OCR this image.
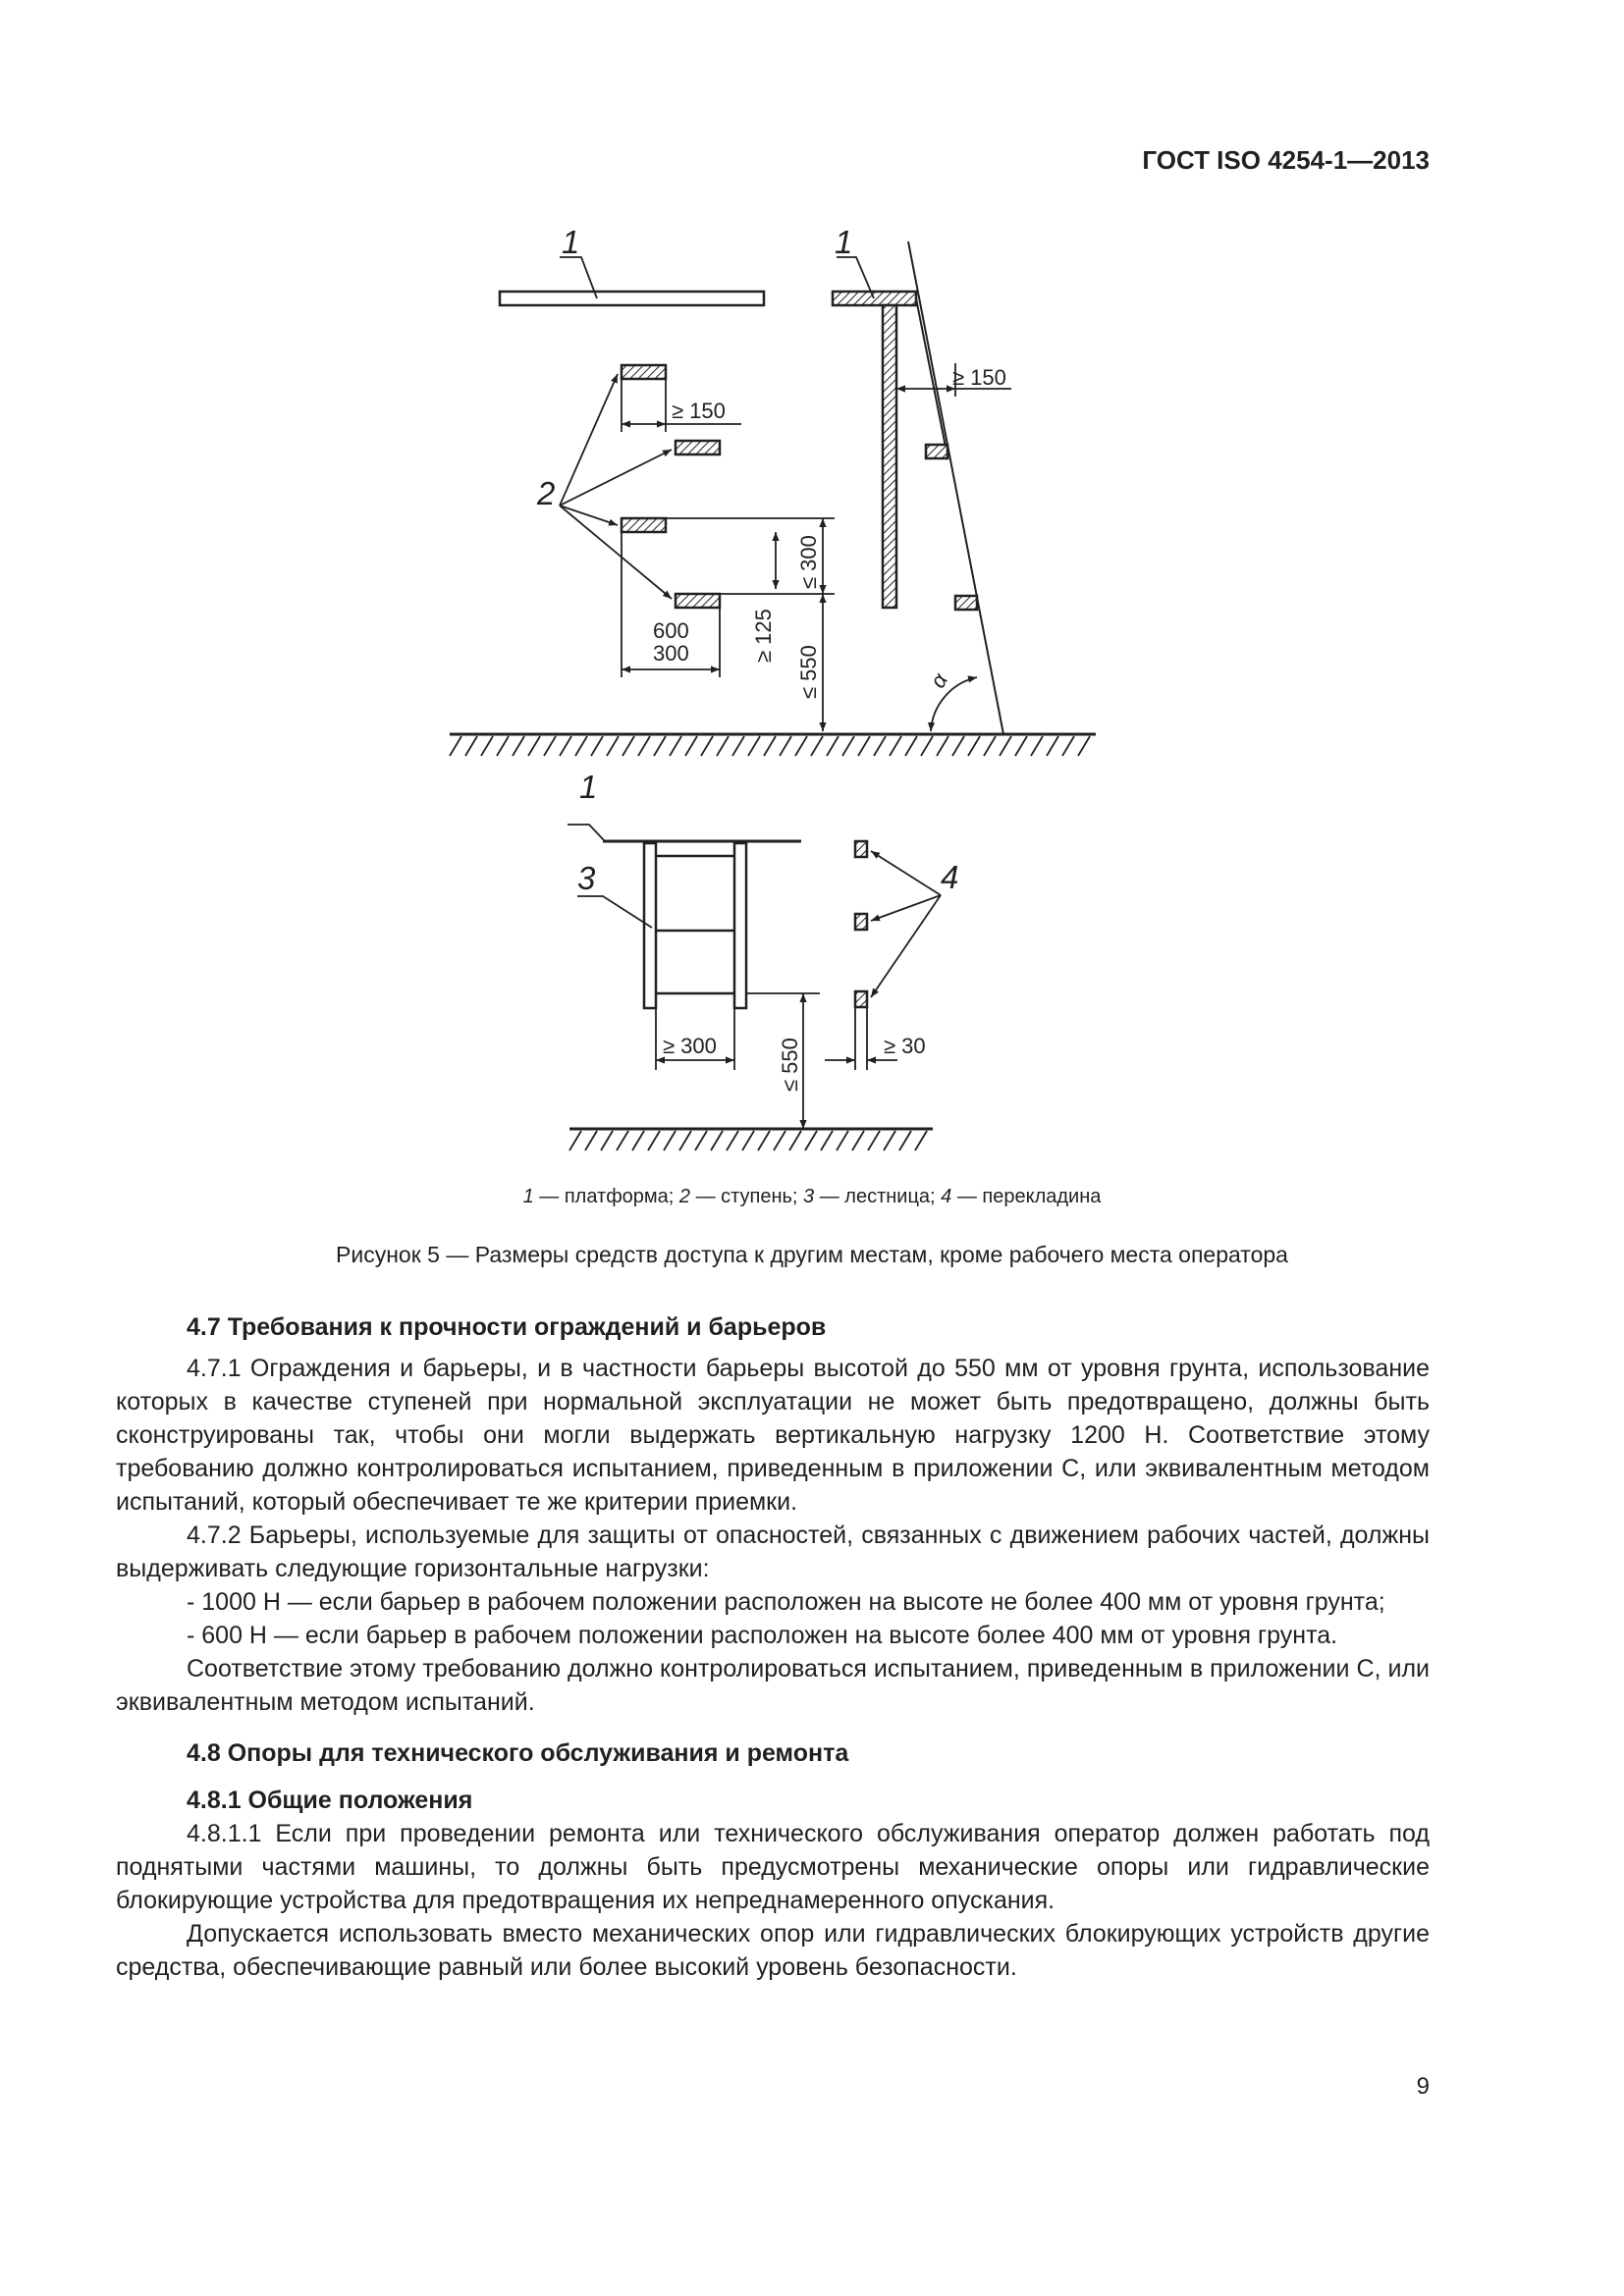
ГОСТ ISO 4254-1—2013
1	1
2
1
3	4
≥ 150
≥ 150
600
300
α
≤ 300
≥ 125
≤ 550
≥ 300	≤ 550	≥ 30
1 — платформа; 2 — ступень; 3 — лестница; 4 — перекладина
Рисунок 5 — Размеры средств доступа к другим местам, кроме рабочего места оператора
4.7 Требования к прочности ограждений и барьеров

4.7.1 Ограждения и барьеры, и в частности барьеры высотой до 550 мм от уровня грунта, использование которых в качестве ступеней при нормальной эксплуатации не может быть предотвращено, должны быть сконструированы так, чтобы они могли выдержать вертикальную нагрузку 1200 Н. Соответствие этому требованию должно контролироваться испытанием, приведенным в приложении С, или эквивалентным методом испытаний, который обеспечивает те же критерии приемки.

4.7.2 Барьеры, используемые для защиты от опасностей, связанных с движением рабочих частей, должны выдерживать следующие горизонтальные нагрузки:

- 1000 Н — если барьер в рабочем положении расположен на высоте не более 400 мм от уровня грунта;

- 600 Н — если барьер в рабочем положении расположен на высоте более 400 мм от уровня грунта.

Соответствие этому требованию должно контролироваться испытанием, приведенным в приложении С, или эквивалентным методом испытаний.

4.8 Опоры для технического обслуживания и ремонта
4.8.1 Общие положения

4.8.1.1 Если при проведении ремонта или технического обслуживания оператор должен работать под поднятыми частями машины, то должны быть предусмотрены механические опоры или гидравлические блокирующие устройства для предотвращения их непреднамеренного опускания.

Допускается использовать вместо механических опор или гидравлических блокирующих устройств другие средства, обеспечивающие равный или более высокий уровень безопасности.

9
